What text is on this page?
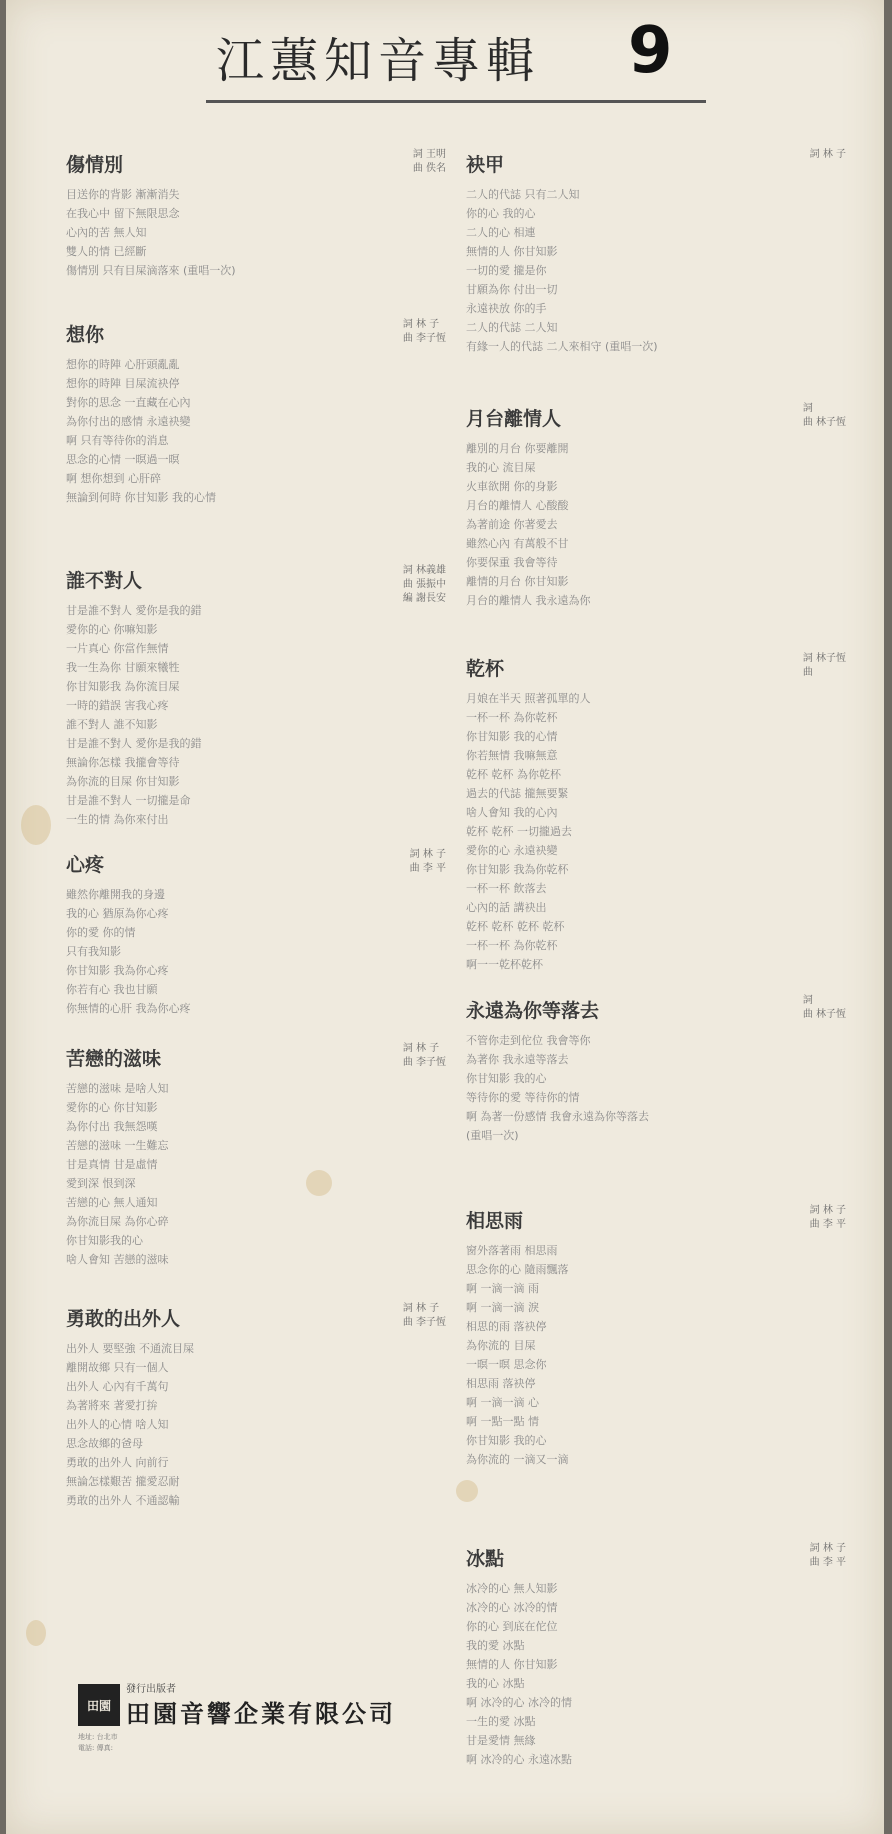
江蕙知音專輯 9
傷情別	詞 王明
曲 佚名
目送你的背影 漸漸消失
在我心中 留下無限思念
心內的苦 無人知
雙人的情 已經斷
傷情別 只有目屎滴落來 (重唱一次)
想你	詞 林 子
曲 李子恆
想你的時陣 心肝頭亂亂
想你的時陣 目屎流袂停
對你的思念 一直藏在心內
為你付出的感情 永遠袂變
啊 只有等待你的消息
思念的心情 一暝過一暝
啊 想你想到 心肝碎
無論到何時 你甘知影 我的心情
誰不對人	詞 林義雄
曲 張振中
編 謝長安
甘是誰不對人 愛你是我的錯
愛你的心 你嘛知影
一片真心 你當作無情
我一生為你 甘願來犧牲
你甘知影我 為你流目屎
一時的錯誤 害我心疼
誰不對人 誰不知影
甘是誰不對人 愛你是我的錯
無論你怎樣 我攏會等待
為你流的目屎 你甘知影
甘是誰不對人 一切攏是命
一生的情 為你來付出
心疼	詞 林 子
曲 李 平
雖然你離開我的身邊
我的心 猶原為你心疼
你的愛 你的情
只有我知影
你甘知影 我為你心疼
你若有心 我也甘願
你無情的心肝 我為你心疼
苦戀的滋味	詞 林 子
曲 李子恆
苦戀的滋味 是啥人知
愛你的心 你甘知影
為你付出 我無怨嘆
苦戀的滋味 一生難忘
甘是真情 甘是虛情
愛到深 恨到深
苦戀的心 無人通知
為你流目屎 為你心碎
你甘知影我的心
啥人會知 苦戀的滋味
勇敢的出外人	詞 林 子
曲 李子恆
出外人 要堅強 不通流目屎
離開故鄉 只有一個人
出外人 心內有千萬句
為著將來 著愛打拚
出外人的心情 啥人知
思念故鄉的爸母
勇敢的出外人 向前行
無論怎樣艱苦 攏愛忍耐
勇敢的出外人 不通認輸
袂甲	詞 林 子
二人的代誌 只有二人知
你的心 我的心
二人的心 相連
無情的人 你甘知影
一切的愛 攏是你
甘願為你 付出一切
永遠袂放 你的手
二人的代誌 二人知
有緣一人的代誌 二人來相守 (重唱一次)
月台離情人	詞
曲 林子恆
離別的月台 你要離開
我的心 流目屎
火車欲開 你的身影
月台的離情人 心酸酸
為著前途 你著愛去
雖然心內 有萬般不甘
你要保重 我會等待
離情的月台 你甘知影
月台的離情人 我永遠為你
乾杯	詞 林子恆
曲
月娘在半天 照著孤單的人
一杯一杯 為你乾杯
你甘知影 我的心情
你若無情 我嘛無意
乾杯 乾杯 為你乾杯
過去的代誌 攏無要緊
啥人會知 我的心內
乾杯 乾杯 一切攏過去
愛你的心 永遠袂變
你甘知影 我為你乾杯
一杯一杯 飲落去
心內的話 講袂出
乾杯 乾杯 乾杯 乾杯
一杯一杯 為你乾杯
啊一一乾杯乾杯
永遠為你等落去	詞
曲 林子恆
不管你走到佗位 我會等你
為著你 我永遠等落去
你甘知影 我的心
等待你的愛 等待你的情
啊 為著一份感情 我會永遠為你等落去
(重唱一次)
相思雨	詞 林 子
曲 李 平
窗外落著雨 相思雨
思念你的心 隨雨飄落
啊 一滴一滴 雨
啊 一滴一滴 淚
相思的雨 落袂停
為你流的 目屎
一暝一暝 思念你
相思雨 落袂停
啊 一滴一滴 心
啊 一點一點 情
你甘知影 我的心
為你流的 一滴又一滴
冰點	詞 林 子
曲 李 平
冰冷的心 無人知影
冰冷的心 冰冷的情
你的心 到底在佗位
我的愛 冰點
無情的人 你甘知影
我的心 冰點
啊 冰冷的心 冰冷的情
一生的愛 冰點
甘是愛情 無緣
啊 冰冷的心 永遠冰點
田園
發行出版者
田園音響企業有限公司
地址: 台北市
電話: 傳真:
